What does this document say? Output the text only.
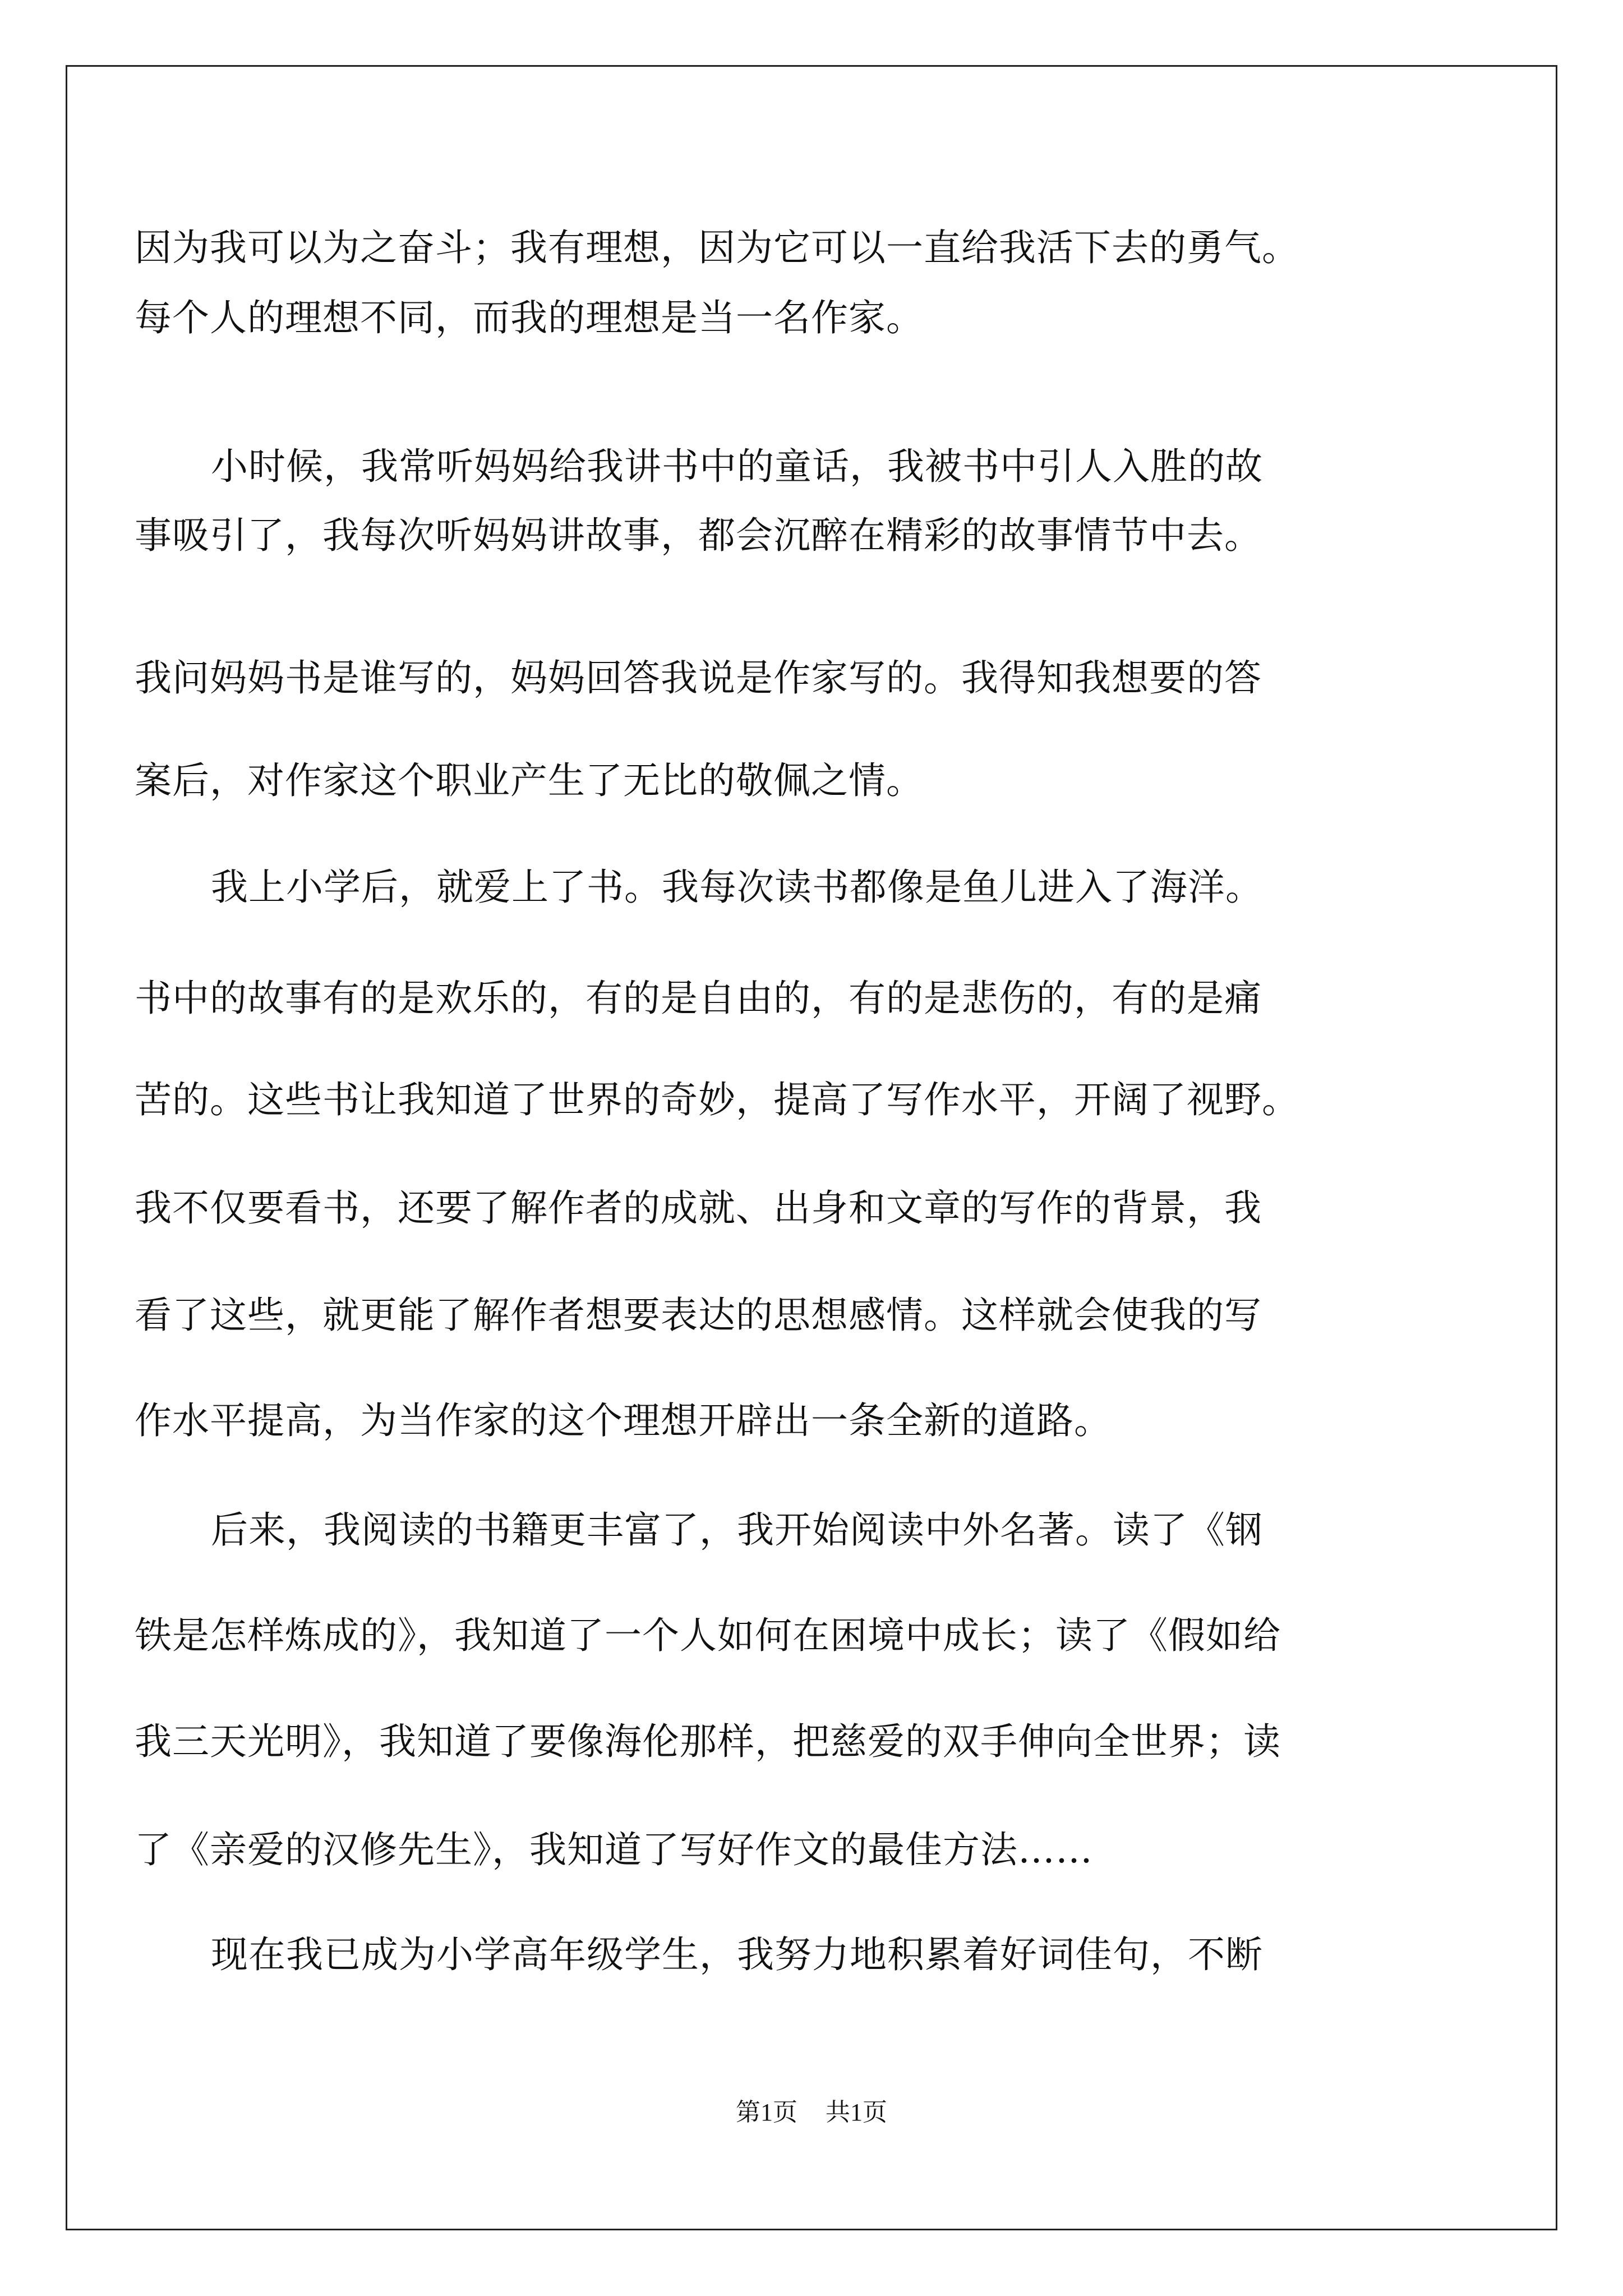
因为我可以为之奋斗；我有理想，因为它可以一直给我活下去的勇气。
每个人的理想不同，而我的理想是当一名作家。
小时候，我常听妈妈给我讲书中的童话，我被书中引人入胜的故
事吸引了，我每次听妈妈讲故事，都会沉醉在精彩的故事情节中去。
我问妈妈书是谁写的，妈妈回答我说是作家写的。我得知我想要的答
案后，对作家这个职业产生了无比的敬佩之情。
我上小学后，就爱上了书。我每次读书都像是鱼儿进入了海洋。
书中的故事有的是欢乐的，有的是自由的，有的是悲伤的，有的是痛
苦的。这些书让我知道了世界的奇妙，提高了写作水平，开阔了视野。
我不仅要看书，还要了解作者的成就、出身和文章的写作的背景，我
看了这些，就更能了解作者想要表达的思想感情。这样就会使我的写
作水平提高，为当作家的这个理想开辟出一条全新的道路。
后来，我阅读的书籍更丰富了，我开始阅读中外名著。读了《钢
铁是怎样炼成的》，我知道了一个人如何在困境中成长；读了《假如给
我三天光明》，我知道了要像海伦那样，把慈爱的双手伸向全世界；读
了《亲爱的汉修先生》，我知道了写好作文的最佳方法……
现在我已成为小学高年级学生，我努力地积累着好词佳句，不断
第1页 共1页
